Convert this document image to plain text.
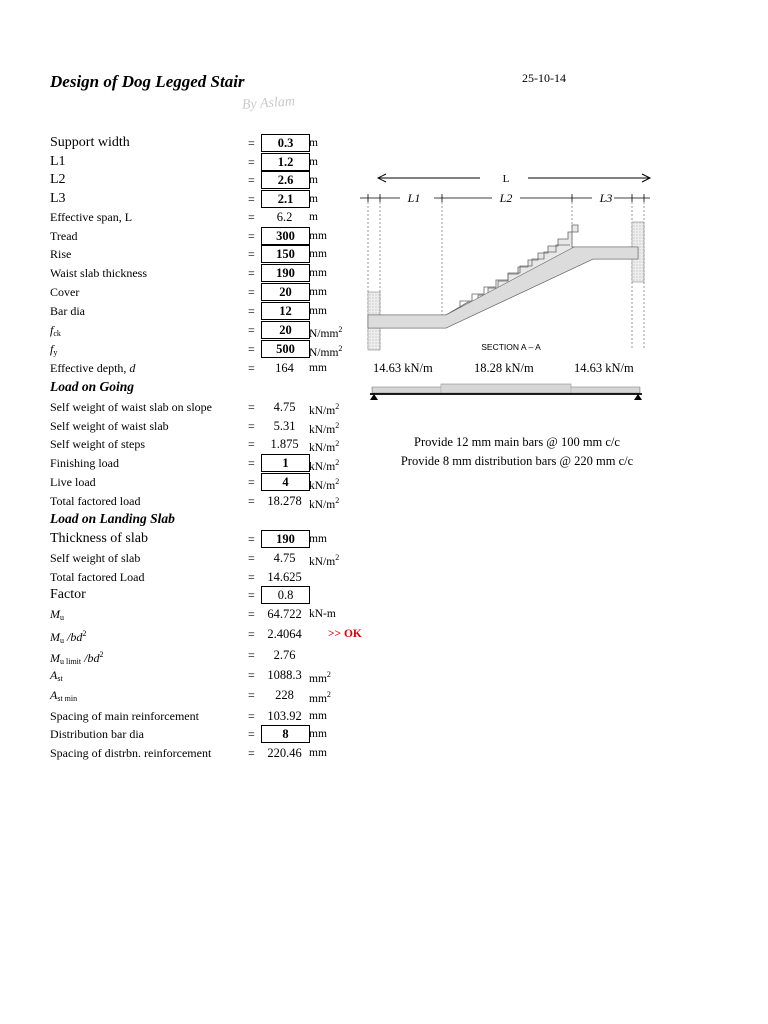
Design of Dog Legged Stair	25-10-14
By Aslam
Support width	=	0.3	m
L1	=	1.2	m
L2	=	2.6	m
L3	=	2.1	m
Effective span, L	=	6.2	m
Tread	=	300	mm
Rise	=	150	mm
Waist slab thickness	=	190	mm
Cover	=	20	mm
Bar dia	=	12	mm
$f_{ck}$	=	20	$N/mm^2$
$f_y$	=	500	$N/mm^2$
Effective depth, d	=	164	mm
Load on Going
Self weight of waist slab on slope	=	4.75	$kN/m^2$
Self weight of waist slab	=	5.31	$kN/m^2$
Self weight of steps	=	1.875 $kN/m^2$
Finishing load	=	1	$kN/m^2$
Live load	=	4	$kN/m^2$
Total factored load	=	18.278 $kN/m^2$
Load on Landing Slab
Thickness of slab	=	190	mm
Self weight of slab	=	4.75	$kN/m^2$
Total factored Load	=	14.625
Factor	=	0.8
$M_u$	=	64.722 kN-m
$M_u$ $/bd^2$	=	2.4064	>> OK
$M_{u limit}$ $/bd^2$	=	2.76
$A_{st}$	=	1088.3 $mm^2$
$A_{st min}$	=	228	$mm^2$
Spacing of main reinforcement	=	103.92 mm
Distribution bar dia	=	8	mm
Spacing of distrbn. reinforcement	=	220.46 mm
L
L1	L2	L3
SECTION A – A
14.63 kN/m	18.28 kN/m	14.63 kN/m
Provide 12 mm main bars @ 100 mm c/c
Provide 8 mm distribution bars @ 220 mm c/c
